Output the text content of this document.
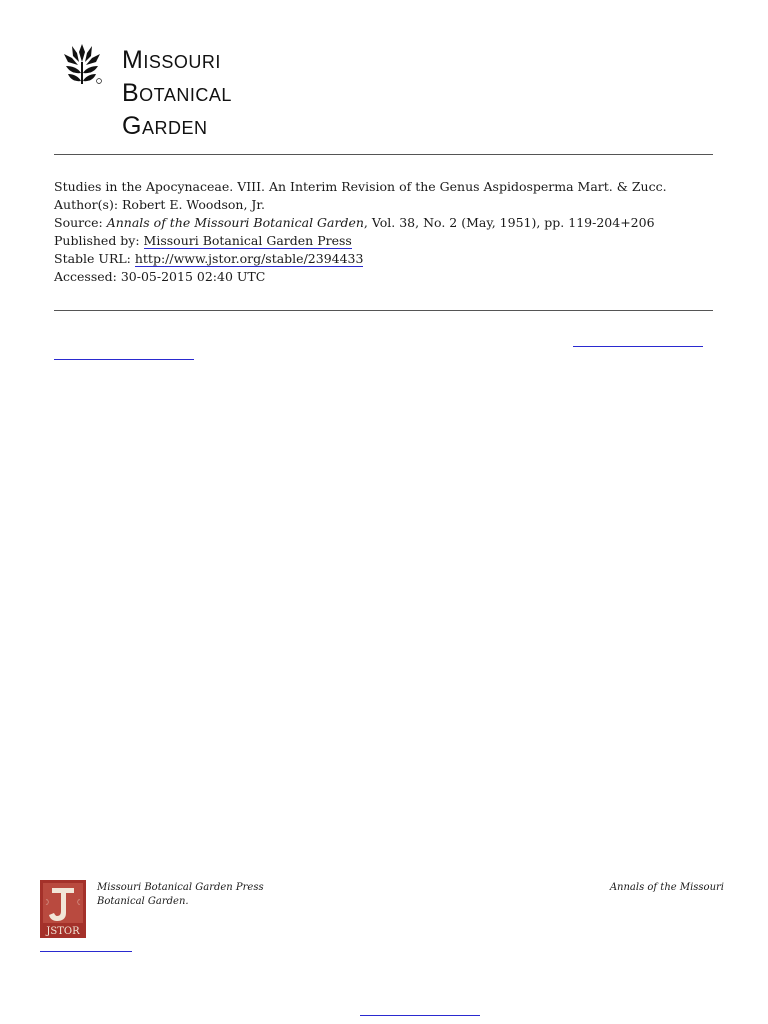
Missouri
Botanical
Garden
Studies in the Apocynaceae. VIII. An Interim Revision of the Genus Aspidosperma Mart. & Zucc.
Author(s): Robert E. Woodson, Jr.
Source: Annals of the Missouri Botanical Garden, Vol. 38, No. 2 (May, 1951), pp. 119-204+206
Published by: Missouri Botanical Garden Press
Stable URL: http://www.jstor.org/stable/2394433
Accessed: 30-05-2015 02:40 UTC
JSTOR
Missouri Botanical Garden Press
Botanical Garden.
Annals of the Missouri
